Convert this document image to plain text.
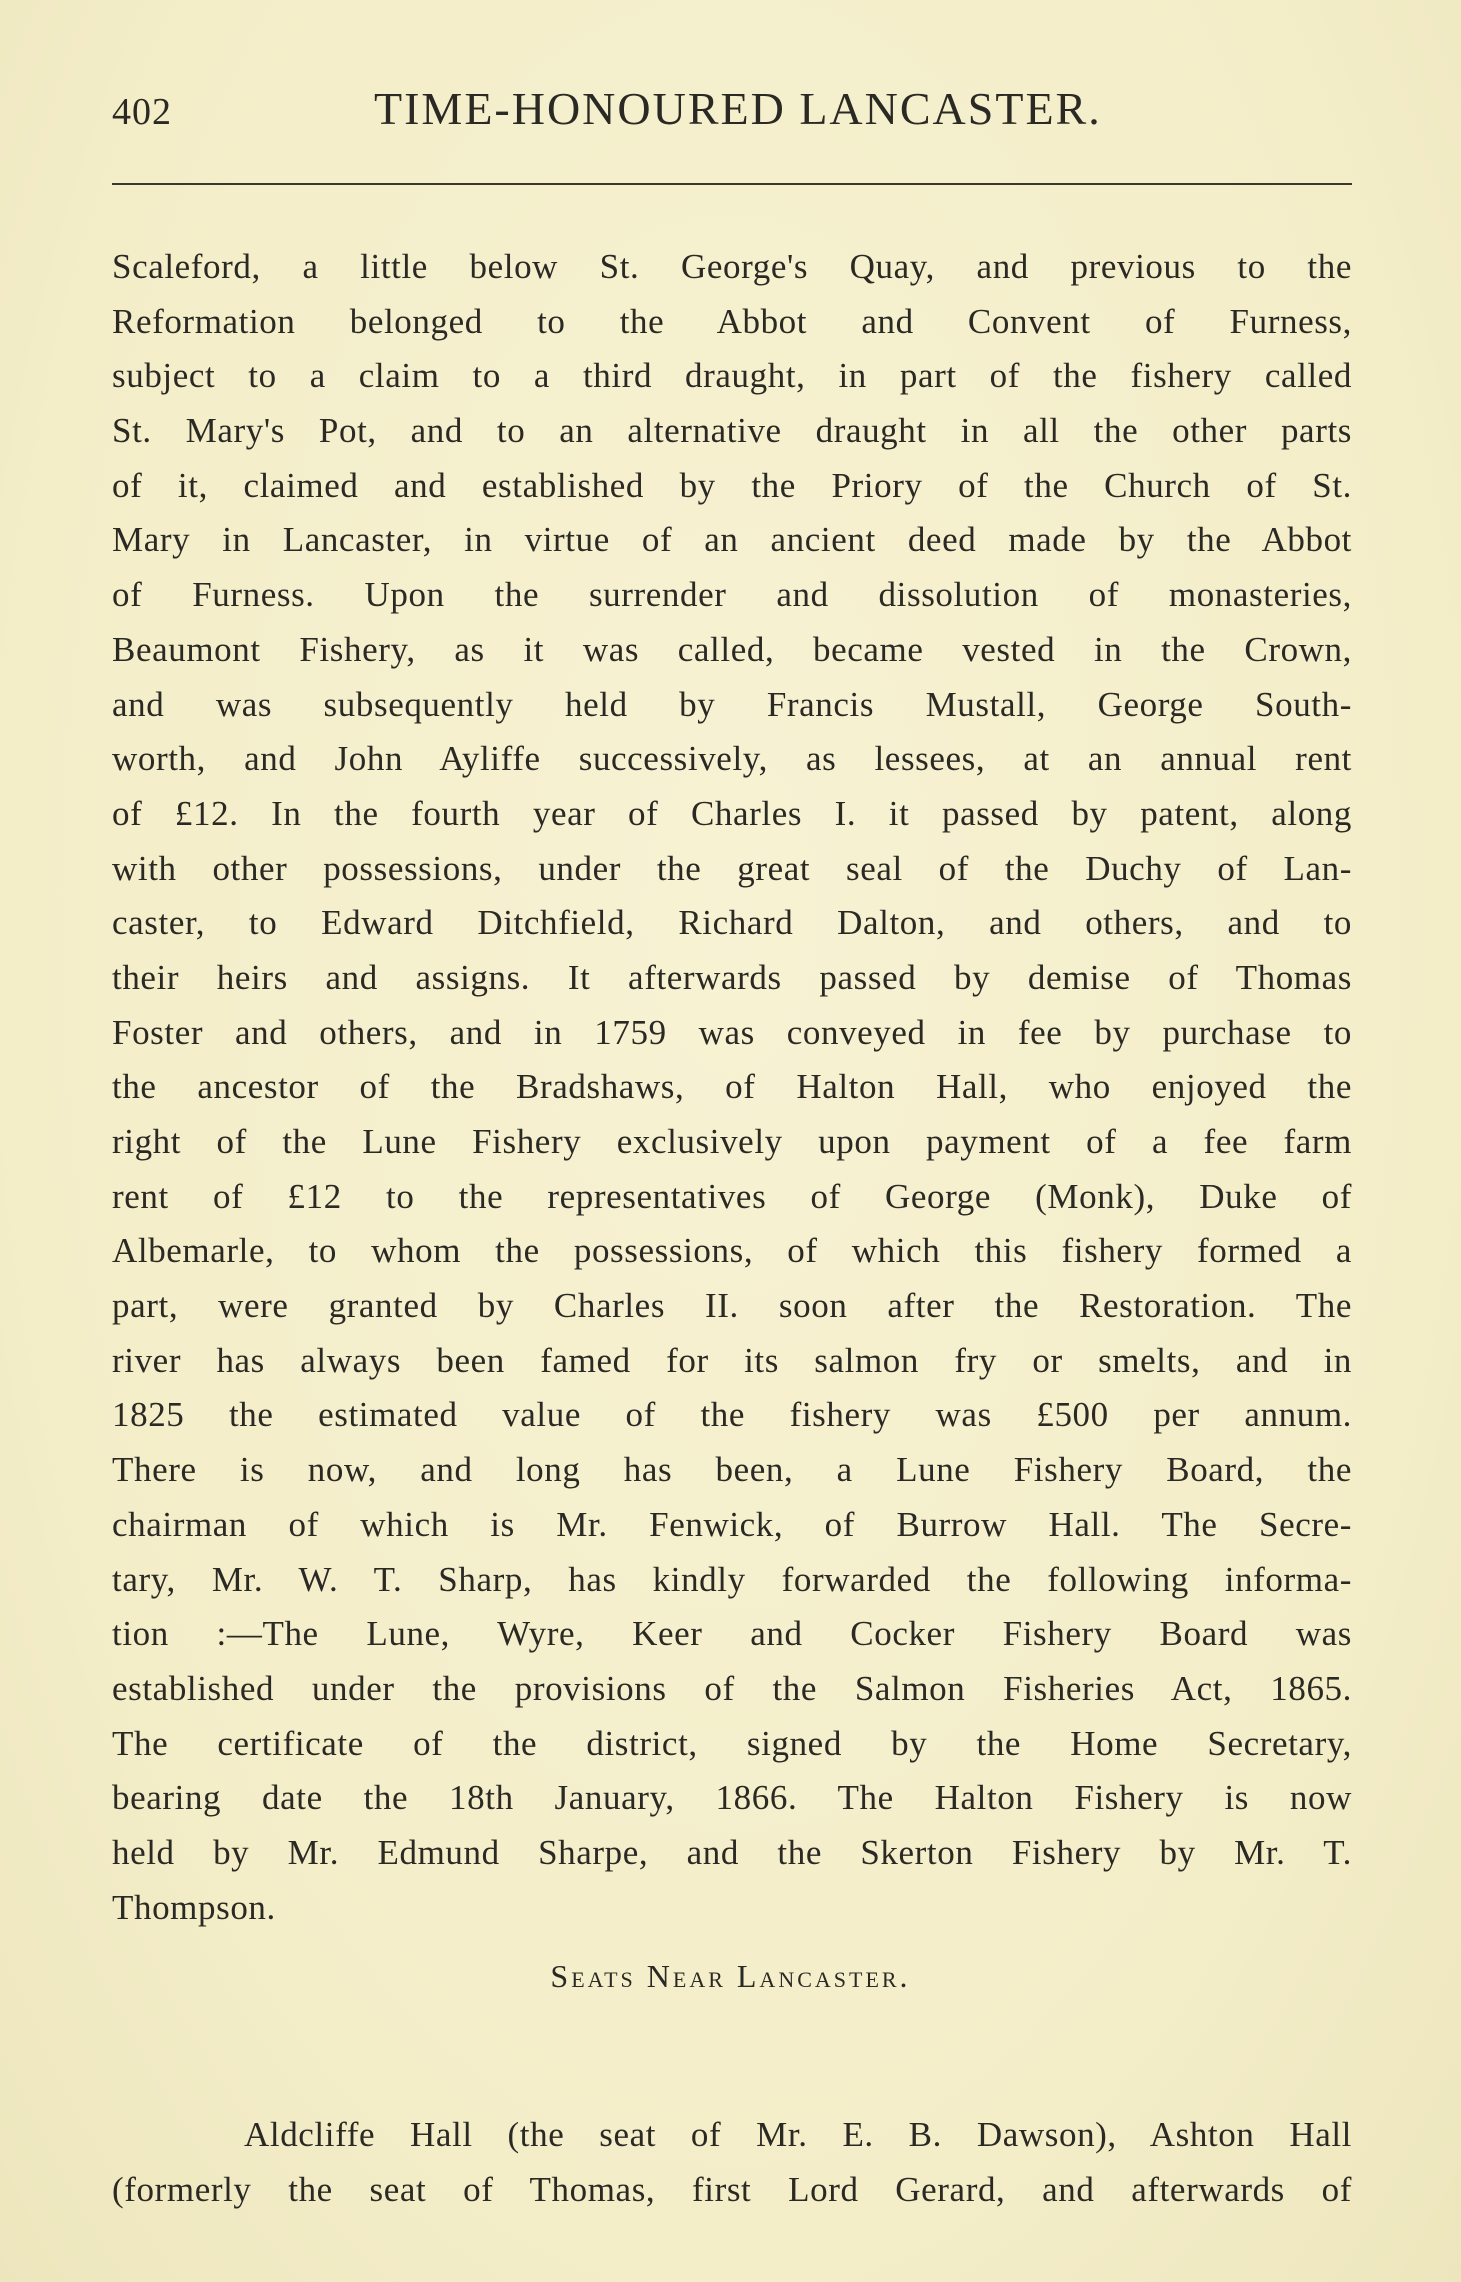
402	TIME-HONOURED LANCASTER.
Scaleford, a little below St. George's Quay, and previous to the
Reformation belonged to the Abbot and Convent of Furness,
subject to a claim to a third draught, in part of the fishery called
St. Mary's Pot, and to an alternative draught in all the other parts
of it, claimed and established by the Priory of the Church of St.
Mary in Lancaster, in virtue of an ancient deed made by the Abbot
of Furness. Upon the surrender and dissolution of monasteries,
Beaumont Fishery, as it was called, became vested in the Crown,
and was subsequently held by Francis Mustall, George South-
worth, and John Ayliffe successively, as lessees, at an annual rent
of £12. In the fourth year of Charles I. it passed by patent, along
with other possessions, under the great seal of the Duchy of Lan-
caster, to Edward Ditchfield, Richard Dalton, and others, and to
their heirs and assigns. It afterwards passed by demise of Thomas
Foster and others, and in 1759 was conveyed in fee by purchase to
the ancestor of the Bradshaws, of Halton Hall, who enjoyed the
right of the Lune Fishery exclusively upon payment of a fee farm
rent of £12 to the representatives of George (Monk), Duke of
Albemarle, to whom the possessions, of which this fishery formed a
part, were granted by Charles II. soon after the Restoration. The
river has always been famed for its salmon fry or smelts, and in
1825 the estimated value of the fishery was £500 per annum.
There is now, and long has been, a Lune Fishery Board, the
chairman of which is Mr. Fenwick, of Burrow Hall. The Secre-
tary, Mr. W. T. Sharp, has kindly forwarded the following informa-
tion :—The Lune, Wyre, Keer and Cocker Fishery Board was
established under the provisions of the Salmon Fisheries Act, 1865.
The certificate of the district, signed by the Home Secretary,
bearing date the 18th January, 1866. The Halton Fishery is now
held by Mr. Edmund Sharpe, and the Skerton Fishery by Mr. T.
Thompson.
Seats Near Lancaster.
Aldcliffe Hall (the seat of Mr. E. B. Dawson), Ashton Hall
(formerly the seat of Thomas, first Lord Gerard, and afterwards of
